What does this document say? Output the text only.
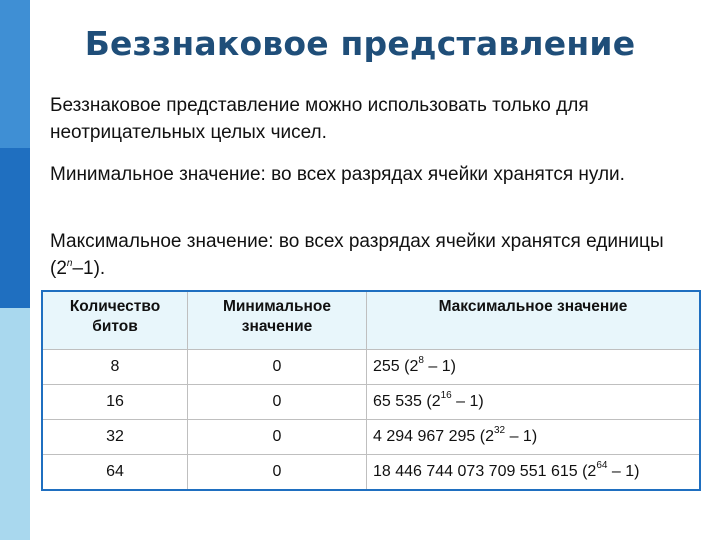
Беззнаковое представление
Беззнаковое представление можно использовать только для неотрицательных целых чисел.
Минимальное значение: во всех разрядах ячейки хранятся нули.
Максимальное значение: во всех разрядах ячейки хранятся единицы (2$^n$–1).
Количество битов	Минимальное значение	Максимальное значение
8	0	255 $(2^8 - 1)$
16	0	65 535 $(2^{16} - 1)$
32	0	4 294 967 295 $(2^{32} - 1)$
64	0	18 446 744 073 709 551 615 $(2^{64} - 1)$
